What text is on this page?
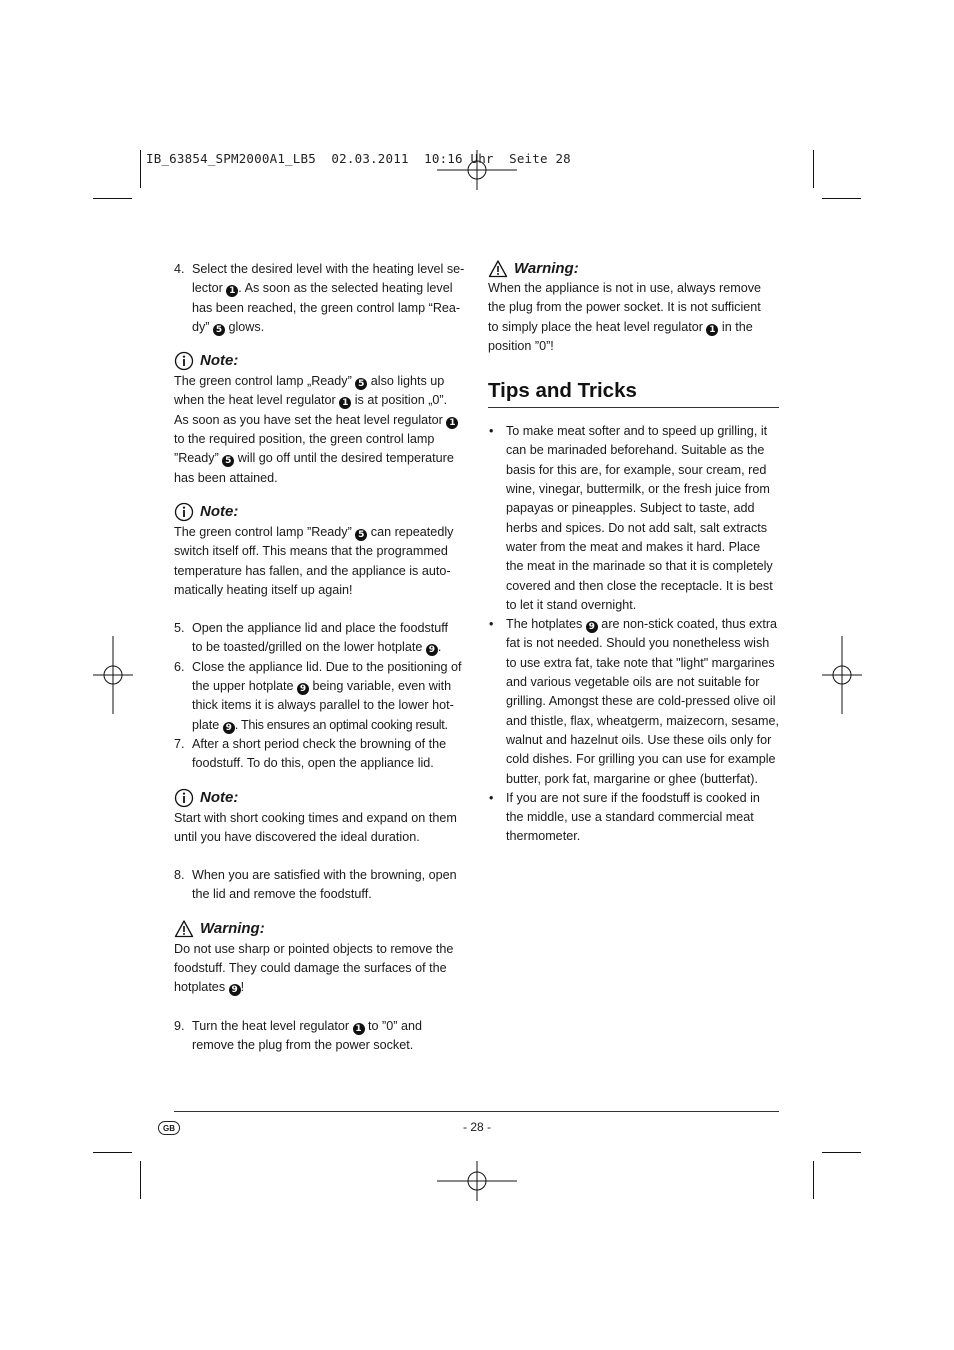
IB_63854_SPM2000A1_LB5  02.03.2011  10:16 Uhr  Seite 28
4. Select the desired level with the heating level se-

lector 1 . As soon as the selected heating level

has been reached, the green control lamp “Rea-

dy” 5 glows.

Note:

The green control lamp „Ready” 5 also lights up

when the heat level regulator 1 is at position „0”.

As soon as you have set the heat level regulator 1

to the required position, the green control lamp

”Ready” 5 will go off until the desired temperature

has been attained.

Note:

The green control lamp ”Ready” 5 can repeatedly

switch itself off. This means that the programmed

temperature has fallen, and the appliance is auto-

matically heating itself up again!

5. Open the appliance lid and place the foodstuff

to be toasted/grilled on the lower hotplate 9 .

6. Close the appliance lid. Due to the positioning of

the upper hotplate 9 being variable, even with

thick items it is always parallel to the lower hot-

plate 9 . This ensures an optimal cooking result.

7. After a short period check the browning of the

foodstuff. To do this, open the appliance lid.

Note:

Start with short cooking times and expand on them

until you have discovered the ideal duration.

8. When you are satisfied with the browning, open

the lid and remove the foodstuff.

Warning:

Do not use sharp or pointed objects to remove the

foodstuff. They could damage the surfaces of the

hotplates 9 !

9. Turn the heat level regulator 1 to ”0” and

remove the plug from the power socket.

Warning:

When the appliance is not in use, always remove

the plug from the power socket. It is not sufficient

to simply place the heat level regulator 1 in the

position ”0”!

Tips and Tricks
• To make meat softer and to speed up grilling, it

can be marinaded beforehand. Suitable as the

basis for this are, for example, sour cream, red

wine, vinegar, buttermilk, or the fresh juice from

papayas or pineapples. Subject to taste, add

herbs and spices. Do not add salt, salt extracts

water from the meat and makes it hard. Place

the meat in the marinade so that it is completely

covered and then close the receptacle. It is best

to let it stand overnight.

• The hotplates 9 are non-stick coated, thus extra

fat is not needed. Should you nonetheless wish

to use extra fat, take note that "light" margarines

and various vegetable oils are not suitable for

grilling. Amongst these are cold-pressed olive oil

and thistle, flax, wheatgerm, maizecorn, sesame,

walnut and hazelnut oils. Use these oils only for

cold dishes. For grilling you can use for example

butter, pork fat, margarine or ghee (butterfat).

• If you are not sure if the foodstuff is cooked in

the middle, use a standard commercial meat

thermometer.

GB	- 28 -
